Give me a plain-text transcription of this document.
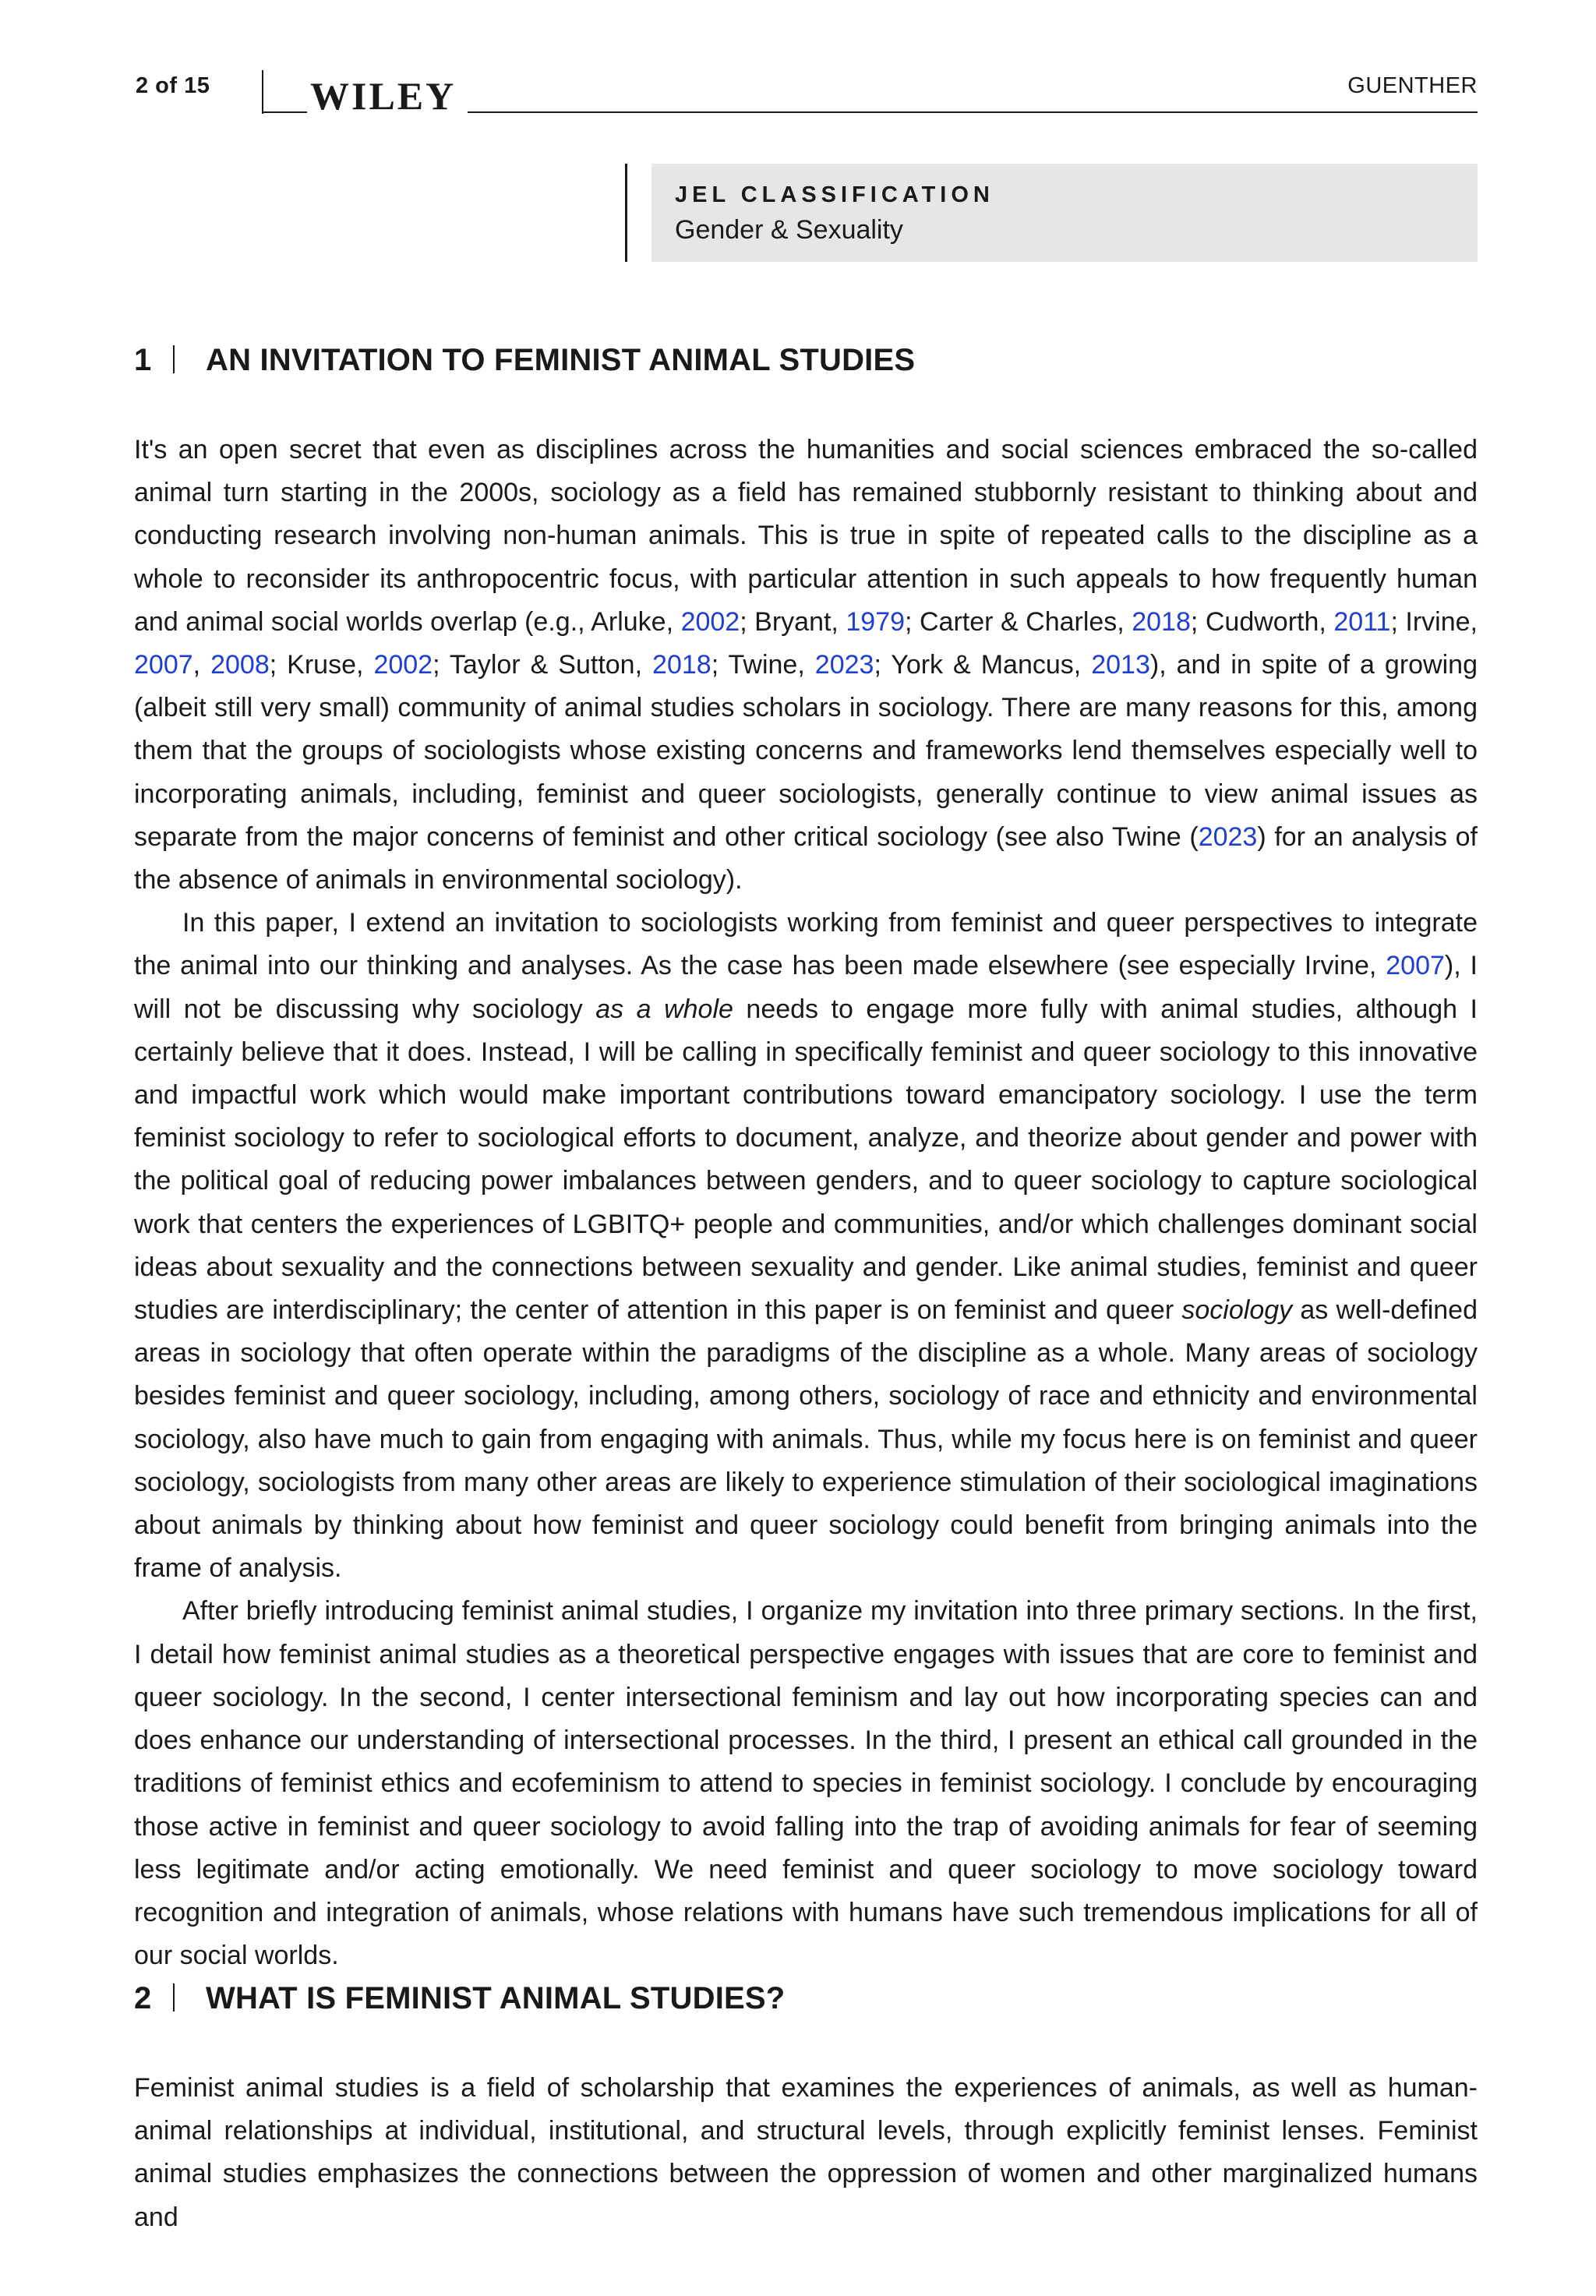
2 of 15	WILEY	GUENTHER
JEL CLASSIFICATION
Gender & Sexuality
1 AN INVITATION TO FEMINIST ANIMAL STUDIES

It's an open secret that even as disciplines across the humanities and social sciences embraced the so-called animal turn starting in the 2000s, sociology as a field has remained stubbornly resistant to thinking about and conducting research involving non-human animals. This is true in spite of repeated calls to the discipline as a whole to reconsider its anthropocentric focus, with particular attention in such appeals to how frequently human and animal social worlds overlap (e.g., Arluke, 2002; Bryant, 1979; Carter & Charles, 2018; Cudworth, 2011; Irvine, 2007, 2008; Kruse, 2002; Taylor & Sutton, 2018; Twine, 2023; York & Mancus, 2013), and in spite of a growing (albeit still very small) community of animal studies scholars in sociology. There are many reasons for this, among them that the groups of sociologists whose existing concerns and frameworks lend themselves especially well to incorporating animals, including, feminist and queer sociologists, generally continue to view animal issues as separate from the major concerns of feminist and other critical sociology (see also Twine (2023) for an analysis of the absence of animals in environmental sociology).

In this paper, I extend an invitation to sociologists working from feminist and queer perspectives to integrate the animal into our thinking and analyses. As the case has been made elsewhere (see especially Irvine, 2007), I will not be discussing why sociology as a whole needs to engage more fully with animal studies, although I certainly believe that it does. Instead, I will be calling in specifically feminist and queer sociology to this innovative and impactful work which would make important contributions toward emancipatory sociology. I use the term feminist sociology to refer to sociological efforts to document, analyze, and theorize about gender and power with the political goal of reducing power imbalances between genders, and to queer sociology to capture sociological work that centers the experiences of LGBITQ+ people and communities, and/or which challenges dominant social ideas about sexuality and the connections between sexuality and gender. Like animal studies, feminist and queer studies are interdisciplinary; the center of attention in this paper is on feminist and queer sociology as well-defined areas in sociology that often operate within the paradigms of the discipline as a whole. Many areas of sociology besides feminist and queer sociology, including, among others, sociology of race and ethnicity and environmental sociology, also have much to gain from engaging with animals. Thus, while my focus here is on feminist and queer sociology, sociologists from many other areas are likely to experience stimulation of their sociological imaginations about animals by thinking about how feminist and queer sociology could benefit from bringing animals into the frame of analysis.

After briefly introducing feminist animal studies, I organize my invitation into three primary sections. In the first, I detail how feminist animal studies as a theoretical perspective engages with issues that are core to feminist and queer sociology. In the second, I center intersectional feminism and lay out how incorporating species can and does enhance our understanding of intersectional processes. In the third, I present an ethical call grounded in the traditions of feminist ethics and ecofeminism to attend to species in feminist sociology. I conclude by encouraging those active in feminist and queer sociology to avoid falling into the trap of avoiding animals for fear of seeming less legitimate and/or acting emotionally. We need feminist and queer sociology to move sociology toward recognition and integration of animals, whose relations with humans have such tremendous implications for all of our social worlds.

2 WHAT IS FEMINIST ANIMAL STUDIES?

Feminist animal studies is a field of scholarship that examines the experiences of animals, as well as human-animal relationships at individual, institutional, and structural levels, through explicitly feminist lenses. Feminist animal studies emphasizes the connections between the oppression of women and other marginalized humans and
